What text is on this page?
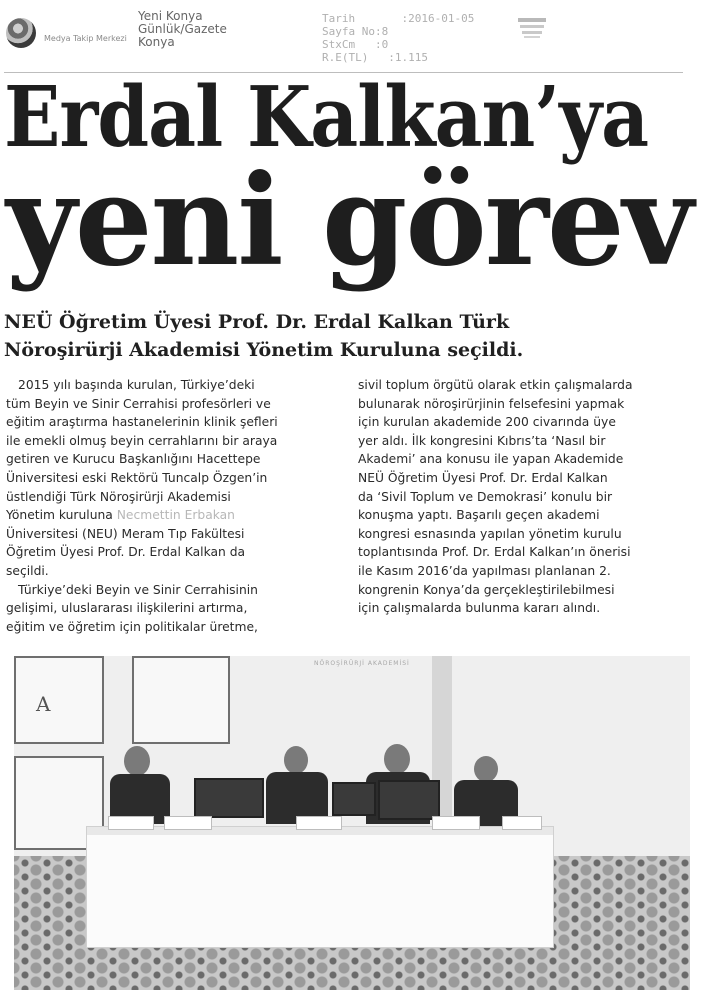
Medya Takip Merkezi
Yeni Konya
Günlük/Gazete
Konya
Tarih       :2016-01-05
Sayfa No:8
StxCm   :0
R.E(TL)   :1.115
Erdal Kalkan’ya
yeni görev
NEÜ Öğretim Üyesi Prof. Dr. Erdal Kalkan Türk
Nöroşirürji Akademisi Yönetim Kuruluna seçildi.
2015 yılı başında kurulan, Türkiye’deki
tüm Beyin ve Sinir Cerrahisi profesörleri ve
eğitim araştırma hastanelerinin klinik şefleri
ile emekli olmuş beyin cerrahlarını bir araya
getiren ve Kurucu Başkanlığını Hacettepe
Üniversitesi eski Rektörü Tuncalp Özgen’in
üstlendiği Türk Nöroşirürji Akademisi
Yönetim kuruluna Necmettin Erbakan
Üniversitesi (NEU) Meram Tıp Fakültesi
Öğretim Üyesi Prof. Dr. Erdal Kalkan da
seçildi.
Türkiye’deki Beyin ve Sinir Cerrahisinin
gelişimi, uluslararası ilişkilerini artırma,
eğitim ve öğretim için politikalar üretme,
sivil toplum örgütü olarak etkin çalışmalarda
bulunarak nöroşirürjinin felsefesini yapmak
için kurulan akademide 200 civarında üye
yer aldı. İlk kongresini Kıbrıs’ta ‘Nasıl bir
Akademi’ ana konusu ile yapan Akademide
NEÜ Öğretim Üyesi Prof. Dr. Erdal Kalkan
da ‘Sivil Toplum ve Demokrasi’ konulu bir
konuşma yaptı. Başarılı geçen akademi
kongresi esnasında yapılan yönetim kurulu
toplantısında Prof. Dr. Erdal Kalkan’ın önerisi
ile Kasım 2016’da yapılması planlanan 2.
kongrenin Konya’da gerçekleştirilebilmesi
için çalışmalarda bulunma kararı alındı.
NÖROŞİRÜRJİ AKADEMİSİ
A
